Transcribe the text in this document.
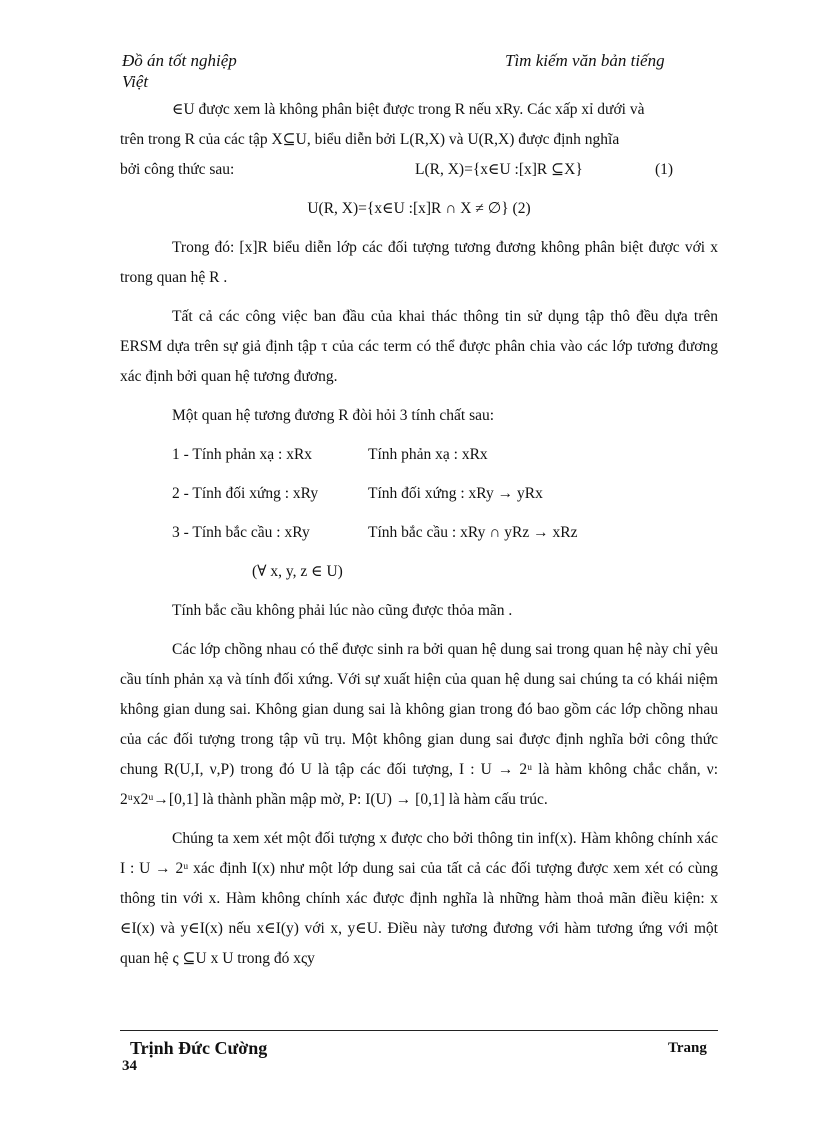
Đồ án tốt nghiệp
Việt
Tìm kiếm văn bản tiếng

∈U được xem là không phân biệt được trong R nếu xRy. Các xấp xỉ dưới và

trên trong R của các tập X⊆U, biểu diễn bởi L(R,X) và U(R,X) được định nghĩa

bởi công thức sau:	L(R, X)={x∈U :[x]R ⊆X}	(1)

U(R, X)={x∈U :[x]R ∩ X ≠ ∅} (2)

Trong đó: [x]R biểu diễn lớp các đối tượng tương đương không phân biệt được với x trong quan hệ R .

Tất cả các công việc ban đầu của khai thác thông tin sử dụng tập thô đều dựa trên ERSM dựa trên sự giả định tập τ của các term có thể được phân chia vào các lớp tương đương xác định bởi quan hệ tương đương.

Một quan hệ tương đương R đòi hỏi 3 tính chất sau:

1 - Tính phản xạ : xRx	Tính phản xạ : xRx
2 - Tính đối xứng : xRy	Tính đối xứng : xRy → yRx
3 - Tính bắc cầu : xRy	Tính bắc cầu : xRy ∩ yRz → xRz

(∀ x, y, z ∈ U)

Tính bắc cầu không phải lúc nào cũng được thỏa mãn .

Các lớp chồng nhau có thể được sinh ra bởi quan hệ dung sai trong quan hệ này chỉ yêu cầu tính phản xạ và tính đối xứng. Với sự xuất hiện của quan hệ dung sai chúng ta có khái niệm không gian dung sai. Không gian dung sai là không gian trong đó bao gồm các lớp chồng nhau của các đối tượng trong tập vũ trụ. Một không gian dung sai được định nghĩa bởi công thức chung R(U,I, ν,P) trong đó U là tập các đối tượng, I : U → 2ᵘ là hàm không chắc chắn, ν: 2ᵘx2ᵘ→[0,1] là thành phần mập mờ, P: I(U) → [0,1] là hàm cấu trúc.

Chúng ta xem xét một đối tượng x được cho bởi thông tin inf(x). Hàm không chính xác I : U → 2ᵘ xác định I(x) như một lớp dung sai của tất cả các đối tượng được xem xét có cùng thông tin với x. Hàm không chính xác được định nghĩa là những hàm thoả mãn điều kiện: x ∈I(x) và y∈I(x) nếu x∈I(y) với x, y∈U. Điều này tương đương với hàm tương ứng với một quan hệ ς ⊆U x U trong đó xςy

Trịnh Đức Cường	Trang
34
